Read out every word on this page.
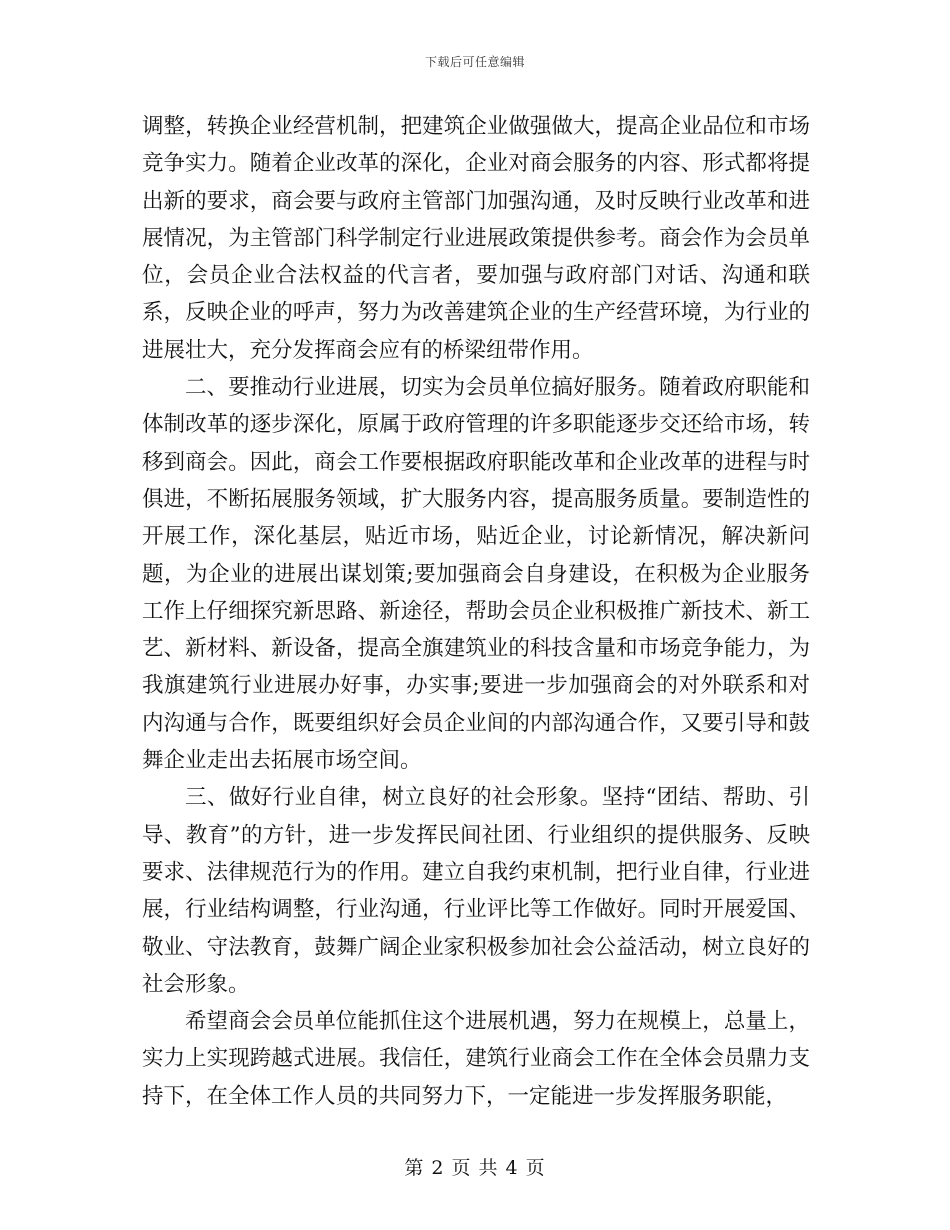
下载后可任意编辑

调整，转换企业经营机制，把建筑企业做强做大，提高企业品位和市场竞争实力。随着企业改革的深化，企业对商会服务的内容、形式都将提出新的要求，商会要与政府主管部门加强沟通，及时反映行业改革和进展情况，为主管部门科学制定行业进展政策提供参考。商会作为会员单位，会员企业合法权益的代言者，要加强与政府部门对话、沟通和联系，反映企业的呼声，努力为改善建筑企业的生产经营环境，为行业的进展壮大，充分发挥商会应有的桥梁纽带作用。

二、要推动行业进展，切实为会员单位搞好服务。随着政府职能和体制改革的逐步深化，原属于政府管理的许多职能逐步交还给市场，转移到商会。因此，商会工作要根据政府职能改革和企业改革的进程与时俱进，不断拓展服务领域，扩大服务内容，提高服务质量。要制造性的开展工作，深化基层，贴近市场，贴近企业，讨论新情况，解决新问题，为企业的进展出谋划策;要加强商会自身建设，在积极为企业服务工作上仔细探究新思路、新途径，帮助会员企业积极推广新技术、新工艺、新材料、新设备，提高全旗建筑业的科技含量和市场竞争能力，为我旗建筑行业进展办好事，办实事;要进一步加强商会的对外联系和对内沟通与合作，既要组织好会员企业间的内部沟通合作，又要引导和鼓舞企业走出去拓展市场空间。

三、做好行业自律，树立良好的社会形象。坚持“团结、帮助、引导、教育”的方针，进一步发挥民间社团、行业组织的提供服务、反映要求、法律规范行为的作用。建立自我约束机制，把行业自律，行业进展，行业结构调整，行业沟通，行业评比等工作做好。同时开展爱国、敬业、守法教育，鼓舞广阔企业家积极参加社会公益活动，树立良好的社会形象。

希望商会会员单位能抓住这个进展机遇，努力在规模上，总量上，实力上实现跨越式进展。我信任，建筑行业商会工作在全体会员鼎力支持下，在全体工作人员的共同努力下，一定能进一步发挥服务职能，

第 2 页 共 4 页
